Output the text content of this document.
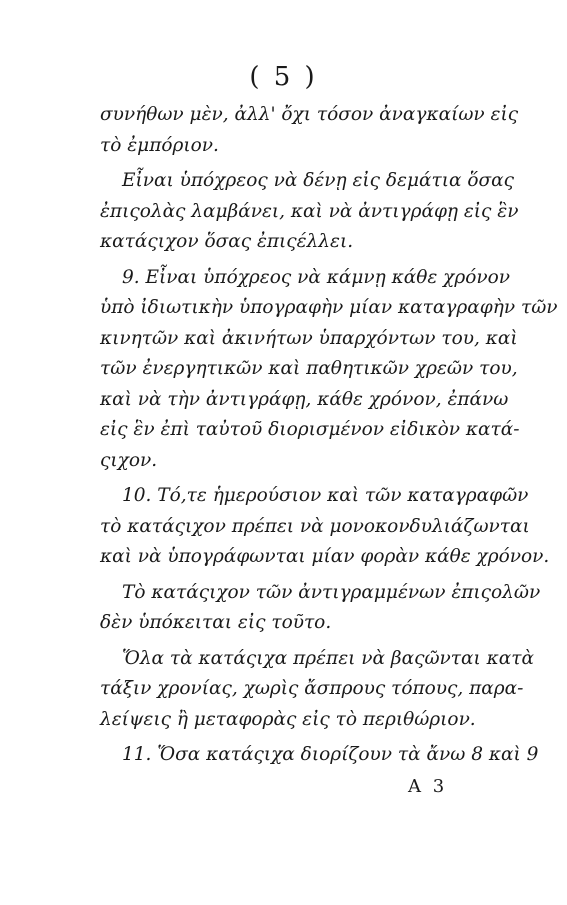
( 5 )
συνήθων μὲν, ἀλλ' ὄχι τόσον ἀναγκαίων εἰς
τὸ ἐμπόριον.
Εἶναι ὑπόχρεος νὰ δένῃ εἰς δεμάτια ὅσας
ἐπιςολὰς λαμβάνει, καὶ νὰ ἀντιγράφῃ εἰς ἓν
κατάςιχον ὅσας ἐπιςέλλει.
9. Εἶναι ὑπόχρεος νὰ κάμνῃ κάθε χρόνον
ὑπὸ ἰδιωτικὴν ὑπογραφὴν μίαν καταγραφὴν τῶν
κινητῶν καὶ ἀκινήτων ὑπαρχόντων του, καὶ
τῶν ἐνεργητικῶν καὶ παθητικῶν χρεῶν του,
καὶ νὰ τὴν ἀντιγράφῃ, κάθε χρόνον, ἐπάνω
εἰς ἓν ἐπὶ ταὐτοῦ διορισμένον εἰδικὸν κατά-
ςιχον.
10. Τό,τε ἡμερούσιον καὶ τῶν καταγραφῶν
τὸ κατάςιχον πρέπει νὰ μονοκονδυλιάζωνται
καὶ νὰ ὑπογράφωνται μίαν φορὰν κάθε χρόνον.
Τὸ κατάςιχον τῶν ἀντιγραμμένων ἐπιςολῶν
δὲν ὑπόκειται εἰς τοῦτο.
Ὅλα τὰ κατάςιχα πρέπει νὰ βαςῶνται κατὰ
τάξιν χρονίας, χωρὶς ἄσπρους τόπους, παρα-
λείψεις ἢ μεταφορὰς εἰς τὸ περιθώριον.
11. Ὅσα κατάςιχα διορίζουν τὰ ἄνω 8 καὶ 9
Α 3
